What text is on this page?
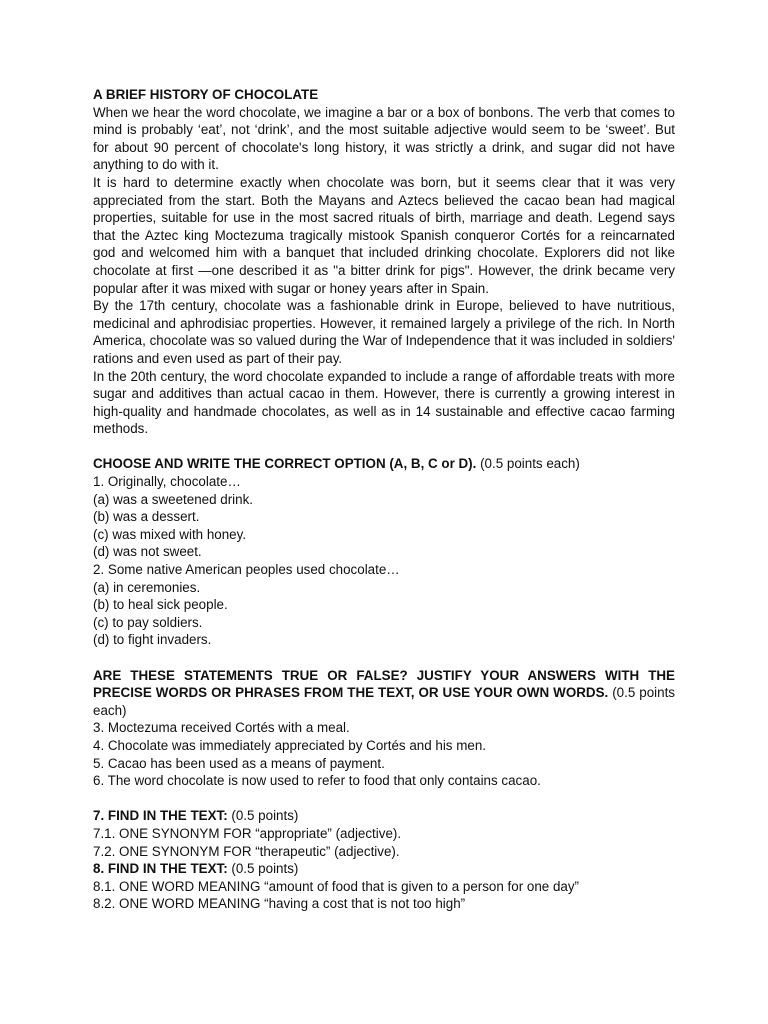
A BRIEF HISTORY OF CHOCOLATE

When we hear the word chocolate, we imagine a bar or a box of bonbons. The verb that comes to mind is probably ‘eat’, not ‘drink’, and the most suitable adjective would seem to be ‘sweet’. But for about 90 percent of chocolate's long history, it was strictly a drink, and sugar did not have anything to do with it.

It is hard to determine exactly when chocolate was born, but it seems clear that it was very appreciated from the start. Both the Mayans and Aztecs believed the cacao bean had magical properties, suitable for use in the most sacred rituals of birth, marriage and death. Legend says that the Aztec king Moctezuma tragically mistook Spanish conqueror Cortés for a reincarnated god and welcomed him with a banquet that included drinking chocolate. Explorers did not like chocolate at first —one described it as "a bitter drink for pigs". However, the drink became very popular after it was mixed with sugar or honey years after in Spain.

By the 17th century, chocolate was a fashionable drink in Europe, believed to have nutritious, medicinal and aphrodisiac properties. However, it remained largely a privilege of the rich. In North America, chocolate was so valued during the War of Independence that it was included in soldiers' rations and even used as part of their pay.

In the 20th century, the word chocolate expanded to include a range of affordable treats with more sugar and additives than actual cacao in them. However, there is currently a growing interest in high-quality and handmade chocolates, as well as in 14 sustainable and effective cacao farming methods.

CHOOSE AND WRITE THE CORRECT OPTION (A, B, C or D). (0.5 points each)

1. Originally, chocolate…

(a) was a sweetened drink.

(b) was a dessert.

(c) was mixed with honey.

(d) was not sweet.

2. Some native American peoples used chocolate…

(a) in ceremonies.

(b) to heal sick people.

(c) to pay soldiers.

(d) to fight invaders.

ARE THESE STATEMENTS TRUE OR FALSE? JUSTIFY YOUR ANSWERS WITH THE PRECISE WORDS OR PHRASES FROM THE TEXT, OR USE YOUR OWN WORDS. (0.5 points each)

3. Moctezuma received Cortés with a meal.

4. Chocolate was immediately appreciated by Cortés and his men.

5. Cacao has been used as a means of payment.

6. The word chocolate is now used to refer to food that only contains cacao.

7. FIND IN THE TEXT: (0.5 points)

7.1. ONE SYNONYM FOR “appropriate” (adjective).

7.2. ONE SYNONYM FOR “therapeutic” (adjective).

8. FIND IN THE TEXT: (0.5 points)

8.1. ONE WORD MEANING “amount of food that is given to a person for one day”

8.2. ONE WORD MEANING “having a cost that is not too high”
